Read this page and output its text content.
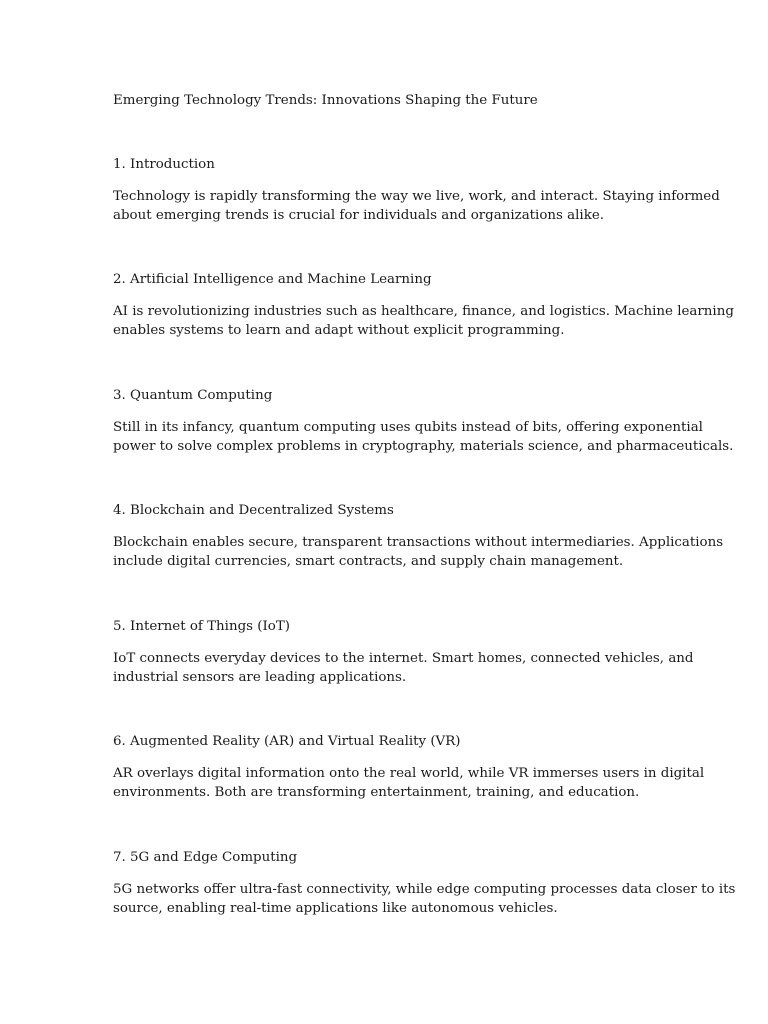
Emerging Technology Trends: Innovations Shaping the Future

1. Introduction

Technology is rapidly transforming the way we live, work, and interact. Staying informed
about emerging trends is crucial for individuals and organizations alike.

2. Artificial Intelligence and Machine Learning

AI is revolutionizing industries such as healthcare, finance, and logistics. Machine learning
enables systems to learn and adapt without explicit programming.

3. Quantum Computing

Still in its infancy, quantum computing uses qubits instead of bits, offering exponential
power to solve complex problems in cryptography, materials science, and pharmaceuticals.

4. Blockchain and Decentralized Systems

Blockchain enables secure, transparent transactions without intermediaries. Applications
include digital currencies, smart contracts, and supply chain management.

5. Internet of Things (IoT)

IoT connects everyday devices to the internet. Smart homes, connected vehicles, and
industrial sensors are leading applications.

6. Augmented Reality (AR) and Virtual Reality (VR)

AR overlays digital information onto the real world, while VR immerses users in digital
environments. Both are transforming entertainment, training, and education.

7. 5G and Edge Computing

5G networks offer ultra-fast connectivity, while edge computing processes data closer to its
source, enabling real-time applications like autonomous vehicles.
